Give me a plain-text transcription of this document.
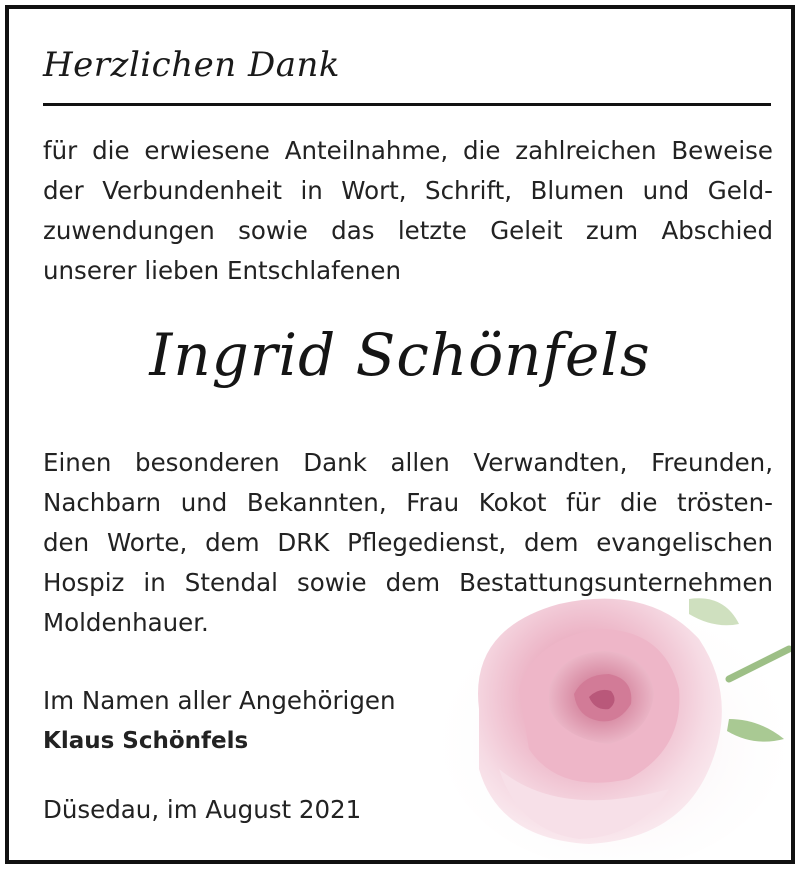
Herzlichen Dank
für die erwiesene Anteilnahme, die zahlreichen Beweise
der Verbundenheit in Wort, Schrift, Blumen und Geld-
zuwendungen sowie das letzte Geleit zum Abschied
unserer lieben Entschlafenen
Ingrid Schönfels
Einen besonderen Dank allen Verwandten, Freunden,
Nachbarn und Bekannten, Frau Kokot für die trösten-
den Worte, dem DRK Pflegedienst, dem evangelischen
Hospiz in Stendal sowie dem Bestattungsunternehmen
Moldenhauer.
Im Namen aller Angehörigen
Klaus Schönfels
Düsedau, im August 2021
